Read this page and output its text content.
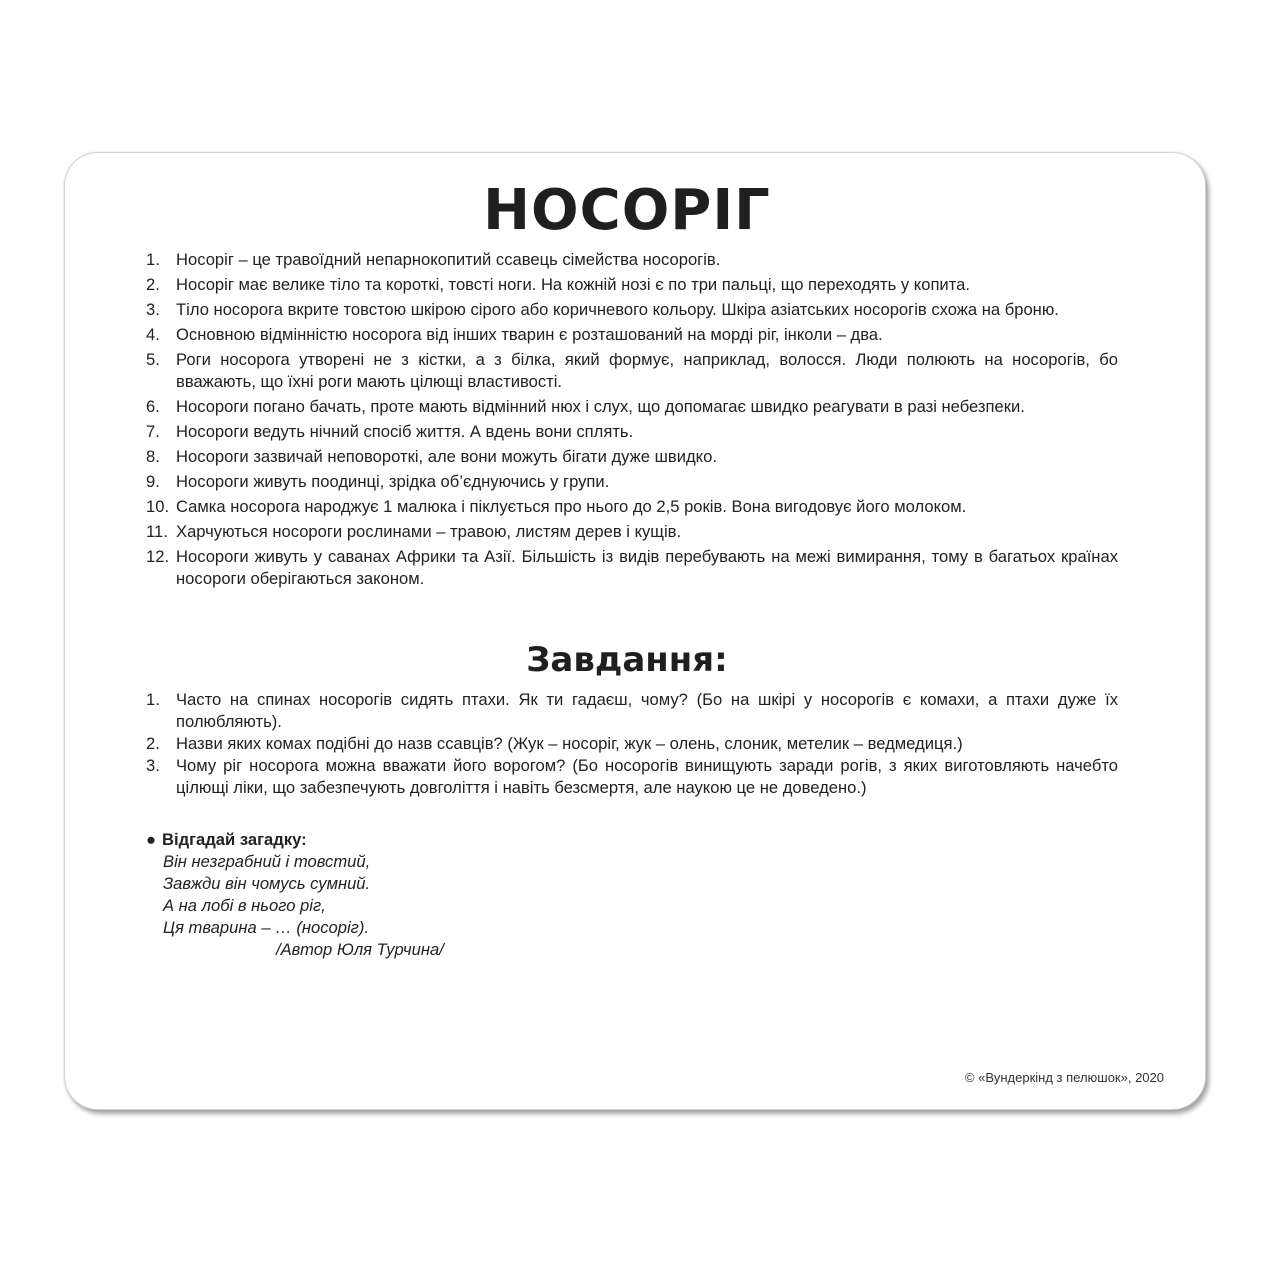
НОСОРІГ
1. Носоріг – це травоїдний непарнокопитий ссавець сімейства носорогів.
2. Носоріг має велике тіло та короткі, товсті ноги. На кожній нозі є по три пальці, що переходять у копита.
3. Тіло носорога вкрите товстою шкірою сірого або коричневого кольору. Шкіра азіатських носорогів схожа на броню.
4. Основною відмінністю носорога від інших тварин є розташований на морді ріг, інколи – два.
5. Роги носорога утворені не з кістки, а з білка, який формує, наприклад, волосся. Люди полюють на носорогів, бо вважають, що їхні роги мають цілющі властивості.
6. Носороги погано бачать, проте мають відмінний нюх і слух, що допомагає швидко реагувати в разі небезпеки.
7. Носороги ведуть нічний спосіб життя. А вдень вони сплять.
8. Носороги зазвичай неповороткі, але вони можуть бігати дуже швидко.
9. Носороги живуть поодинці, зрідка об’єднуючись у групи.
10. Самка носорога народжує 1 малюка і піклується про нього до 2,5 років. Вона вигодовує його молоком.
11. Харчуються носороги рослинами – травою, листям дерев і кущів.
12. Носороги живуть у саванах Африки та Азії. Більшість із видів перебувають на межі вимирання, тому в багатьох країнах носороги оберігаються законом.
Завдання:
1. Часто на спинах носорогів сидять птахи. Як ти гадаєш, чому? (Бо на шкірі у носорогів є комахи, а птахи дуже їх полюбляють).
2. Назви яких комах подібні до назв ссавців? (Жук – носоріг, жук – олень, слоник, метелик – ведмедиця.)
3. Чому ріг носорога можна вважати його ворогом? (Бо носорогів винищують заради рогів, з яких виготовляють начебто цілющі ліки, що забезпечують довголіття і навіть безсмертя, але наукою це не доведено.)
● Відгадай загадку:
Він незграбний і товстий,
Завжди він чомусь сумний.
А на лобі в нього ріг,
Ця тварина – … (носоріг).
/Автор Юля Турчина/
© «Вундеркінд з пелюшок», 2020
